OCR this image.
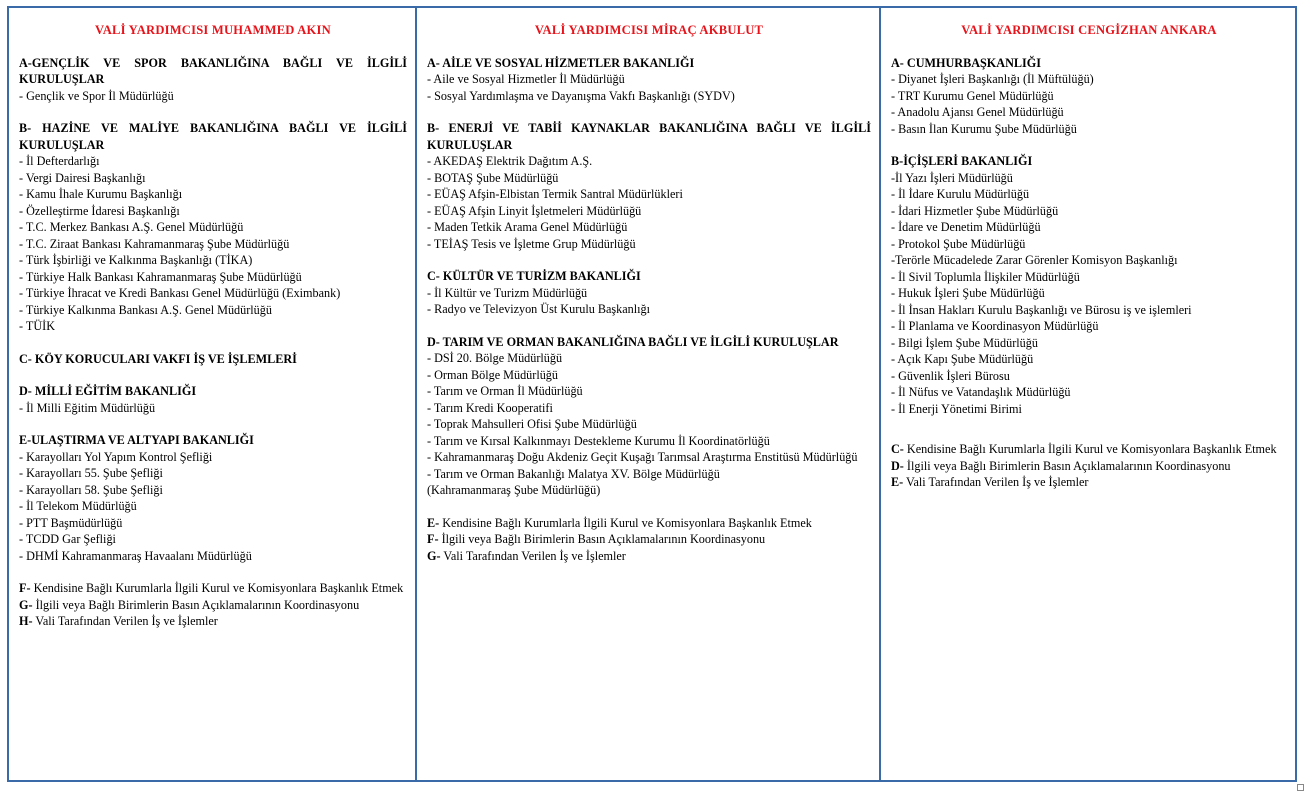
VALİ YARDIMCISI MUHAMMED AKIN
A-GENÇLİK VE SPOR BAKANLIĞINA BAĞLI VE İLGİLİ KURULUŞLAR
- Gençlik ve Spor İl Müdürlüğü
B- HAZİNE VE MALİYE BAKANLIĞINA BAĞLI VE İLGİLİ KURULUŞLAR
- İl Defterdarlığı
- Vergi Dairesi Başkanlığı
- Kamu İhale Kurumu Başkanlığı
- Özelleştirme İdaresi Başkanlığı
- T.C. Merkez Bankası A.Ş. Genel Müdürlüğü
- T.C. Ziraat Bankası Kahramanmaraş Şube Müdürlüğü
- Türk İşbirliği ve Kalkınma Başkanlığı (TİKA)
- Türkiye Halk Bankası Kahramanmaraş Şube Müdürlüğü
- Türkiye İhracat ve Kredi Bankası Genel Müdürlüğü (Eximbank)
- Türkiye Kalkınma Bankası A.Ş. Genel Müdürlüğü
- TÜİK
C- KÖY KORUCULARI VAKFI İŞ VE İŞLEMLERİ
D- MİLLİ EĞİTİM BAKANLIĞI
- İl Milli Eğitim Müdürlüğü
E-ULAŞTIRMA VE ALTYAPI BAKANLIĞI
- Karayolları Yol Yapım Kontrol Şefliği
- Karayolları 55. Şube Şefliği
- Karayolları 58. Şube Şefliği
- İl Telekom Müdürlüğü
- PTT Başmüdürlüğü
- TCDD Gar Şefliği
- DHMİ Kahramanmaraş Havaalanı Müdürlüğü
F- Kendisine Bağlı Kurumlarla İlgili Kurul ve Komisyonlara Başkanlık Etmek
G- İlgili veya Bağlı Birimlerin Basın Açıklamalarının Koordinasyonu
H- Vali Tarafından Verilen İş ve İşlemler
VALİ YARDIMCISI MİRAÇ AKBULUT
A- AİLE VE SOSYAL HİZMETLER BAKANLIĞI
- Aile ve Sosyal Hizmetler İl Müdürlüğü
- Sosyal Yardımlaşma ve Dayanışma Vakfı Başkanlığı (SYDV)
B- ENERJİ VE TABİİ KAYNAKLAR BAKANLIĞINA BAĞLI VE İLGİLİ KURULUŞLAR
- AKEDAŞ Elektrik Dağıtım A.Ş.
- BOTAŞ Şube Müdürlüğü
- EÜAŞ Afşin-Elbistan Termik Santral Müdürlükleri
- EÜAŞ Afşin Linyit İşletmeleri Müdürlüğü
- Maden Tetkik Arama Genel Müdürlüğü
- TEİAŞ Tesis ve İşletme Grup Müdürlüğü
C- KÜLTÜR VE TURİZM BAKANLIĞI
- İl Kültür ve Turizm Müdürlüğü
- Radyo ve Televizyon Üst Kurulu Başkanlığı
D- TARIM VE ORMAN BAKANLIĞINA BAĞLI VE İLGİLİ KURULUŞLAR
- DSİ 20. Bölge Müdürlüğü
- Orman Bölge Müdürlüğü
- Tarım ve Orman İl Müdürlüğü
- Tarım Kredi Kooperatifi
- Toprak Mahsulleri Ofisi Şube Müdürlüğü
- Tarım ve Kırsal Kalkınmayı Destekleme Kurumu İl Koordinatörlüğü
- Kahramanmaraş Doğu Akdeniz Geçit Kuşağı Tarımsal Araştırma Enstitüsü Müdürlüğü
- Tarım ve Orman Bakanlığı Malatya XV. Bölge Müdürlüğü
(Kahramanmaraş Şube Müdürlüğü)
E- Kendisine Bağlı Kurumlarla İlgili Kurul ve Komisyonlara Başkanlık Etmek
F- İlgili veya Bağlı Birimlerin Basın Açıklamalarının Koordinasyonu
G- Vali Tarafından Verilen İş ve İşlemler
VALİ YARDIMCISI CENGİZHAN ANKARA
A- CUMHURBAŞKANLIĞI
- Diyanet İşleri Başkanlığı (İl Müftülüğü)
- TRT Kurumu Genel Müdürlüğü
- Anadolu Ajansı Genel Müdürlüğü
- Basın İlan Kurumu Şube Müdürlüğü
B-İÇİŞLERİ BAKANLIĞI
-İl Yazı İşleri Müdürlüğü
- İl İdare Kurulu Müdürlüğü
- İdari Hizmetler Şube Müdürlüğü
- İdare ve Denetim Müdürlüğü
- Protokol Şube Müdürlüğü
-Terörle Mücadelede Zarar Görenler Komisyon Başkanlığı
- İl Sivil Toplumla İlişkiler Müdürlüğü
- Hukuk İşleri Şube Müdürlüğü
- İl İnsan Hakları Kurulu Başkanlığı ve Bürosu iş ve işlemleri
- İl Planlama ve Koordinasyon Müdürlüğü
- Bilgi İşlem Şube Müdürlüğü
- Açık Kapı Şube Müdürlüğü
- Güvenlik İşleri Bürosu
- İl Nüfus ve Vatandaşlık Müdürlüğü
- İl Enerji Yönetimi Birimi
C- Kendisine Bağlı Kurumlarla İlgili Kurul ve Komisyonlara Başkanlık Etmek
D- İlgili veya Bağlı Birimlerin Basın Açıklamalarının Koordinasyonu
E- Vali Tarafından Verilen İş ve İşlemler
